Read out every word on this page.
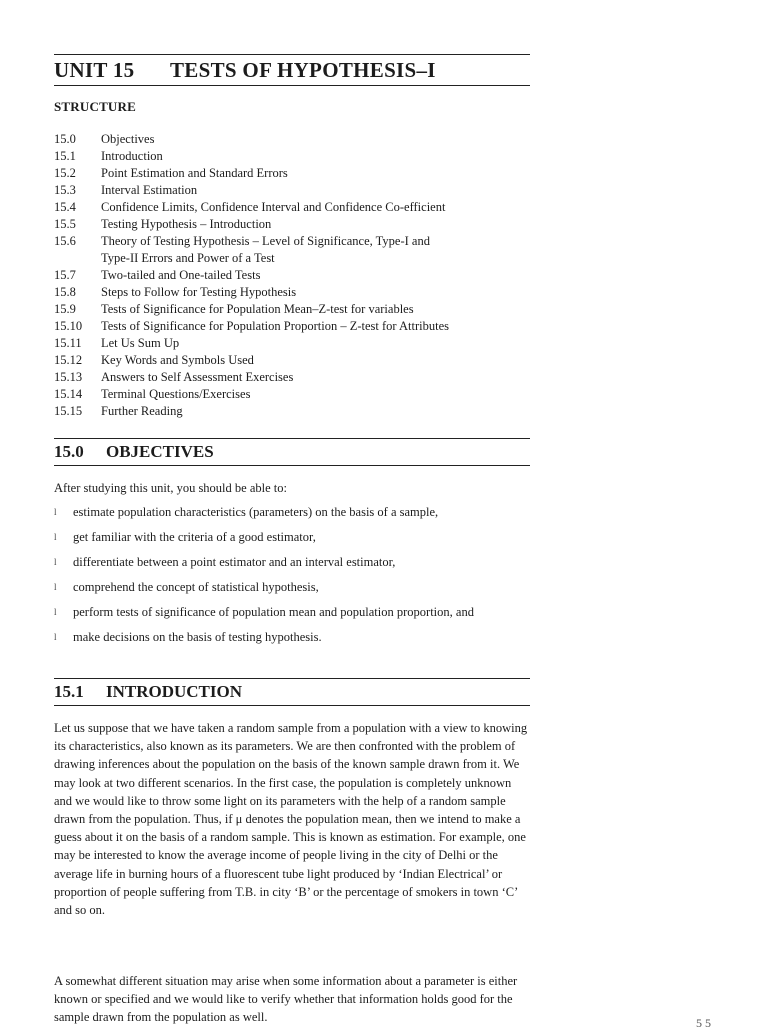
UNIT 15 TESTS OF HYPOTHESIS–I
STRUCTURE
15.0	Objectives
15.1	Introduction
15.2	Point Estimation and Standard Errors
15.3	Interval Estimation
15.4	Confidence Limits, Confidence Interval and Confidence Co-efficient
15.5	Testing Hypothesis – Introduction
15.6	Theory of Testing Hypothesis – Level of Significance, Type-I and
Type-II Errors and Power of a Test
15.7	Two-tailed and One-tailed Tests
15.8	Steps to Follow for Testing Hypothesis
15.9	Tests of Significance for Population Mean–Z-test for variables
15.10	Tests of Significance for Population Proportion – Z-test for Attributes
15.11	Let Us Sum Up
15.12	Key Words and Symbols Used
15.13	Answers to Self Assessment Exercises
15.14	Terminal Questions/Exercises
15.15	Further Reading
15.0 OBJECTIVES
After studying this unit, you should be able to:
l	estimate population characteristics (parameters) on the basis of a sample,
l	get familiar with the criteria of a good estimator,
l	differentiate between a point estimator and an interval estimator,
l	comprehend the concept of statistical hypothesis,
l	perform tests of significance of population mean and population proportion, and
l	make decisions on the basis of testing hypothesis.
15.1 INTRODUCTION
Let us suppose that we have taken a random sample from a population with a view to knowing its characteristics, also known as its parameters. We are then confronted with the problem of drawing inferences about the population on the basis of the known sample drawn from it. We may look at two different scenarios. In the first case, the population is completely unknown and we would like to throw some light on its parameters with the help of a random sample drawn from the population. Thus, if μ denotes the population mean, then we intend to make a guess about it on the basis of a random sample. This is known as estimation. For example, one may be interested to know the average income of people living in the city of Delhi or the average life in burning hours of a fluorescent tube light produced by ‘Indian Electrical’ or proportion of people suffering from T.B. in city ‘B’ or the percentage of smokers in town ‘C’ and so on.
A somewhat different situation may arise when some information about a parameter is either known or specified and we would like to verify whether that information holds good for the sample drawn from the population as well.	5 5
